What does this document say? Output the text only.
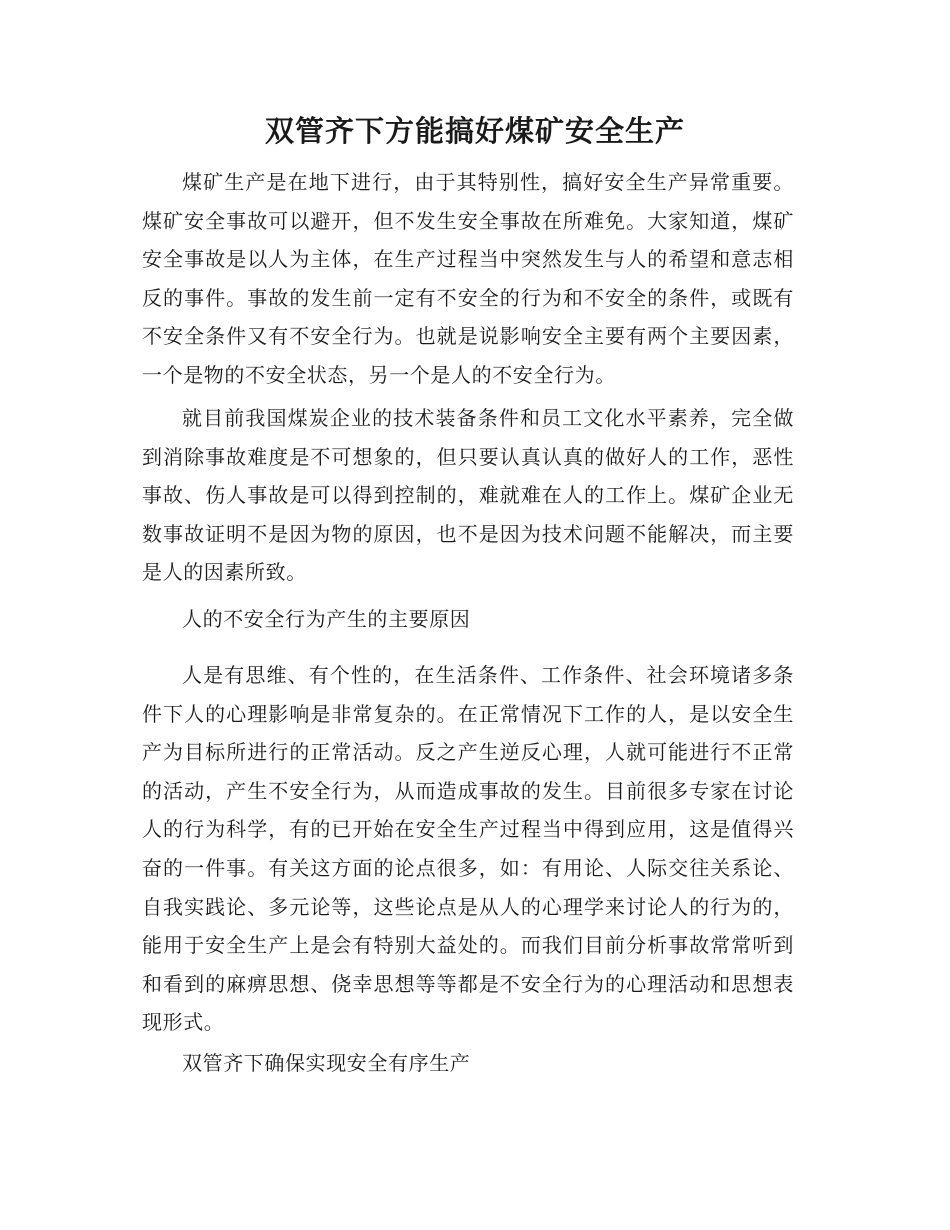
双管齐下方能搞好煤矿安全生产

煤矿生产是在地下进行，由于其特别性，搞好安全生产异常重要。煤矿安全事故可以避开，但不发生安全事故在所难免。大家知道，煤矿安全事故是以人为主体，在生产过程当中突然发生与人的希望和意志相反的事件。事故的发生前一定有不安全的行为和不安全的条件，或既有不安全条件又有不安全行为。也就是说影响安全主要有两个主要因素，一个是物的不安全状态，另一个是人的不安全行为。

就目前我国煤炭企业的技术装备条件和员工文化水平素养，完全做到消除事故难度是不可想象的，但只要认真认真的做好人的工作，恶性事故、伤人事故是可以得到控制的，难就难在人的工作上。煤矿企业无数事故证明不是因为物的原因，也不是因为技术问题不能解决，而主要是人的因素所致。

人的不安全行为产生的主要原因

人是有思维、有个性的，在生活条件、工作条件、社会环境诸多条件下人的心理影响是非常复杂的。在正常情况下工作的人，是以安全生产为目标所进行的正常活动。反之产生逆反心理，人就可能进行不正常的活动，产生不安全行为，从而造成事故的发生。目前很多专家在讨论人的行为科学，有的已开始在安全生产过程当中得到应用，这是值得兴奋的一件事。有关这方面的论点很多，如：有用论、人际交往关系论、自我实践论、多元论等，这些论点是从人的心理学来讨论人的行为的，能用于安全生产上是会有特别大益处的。而我们目前分析事故常常听到和看到的麻痹思想、侥幸思想等等都是不安全行为的心理活动和思想表现形式。

双管齐下确保实现安全有序生产
